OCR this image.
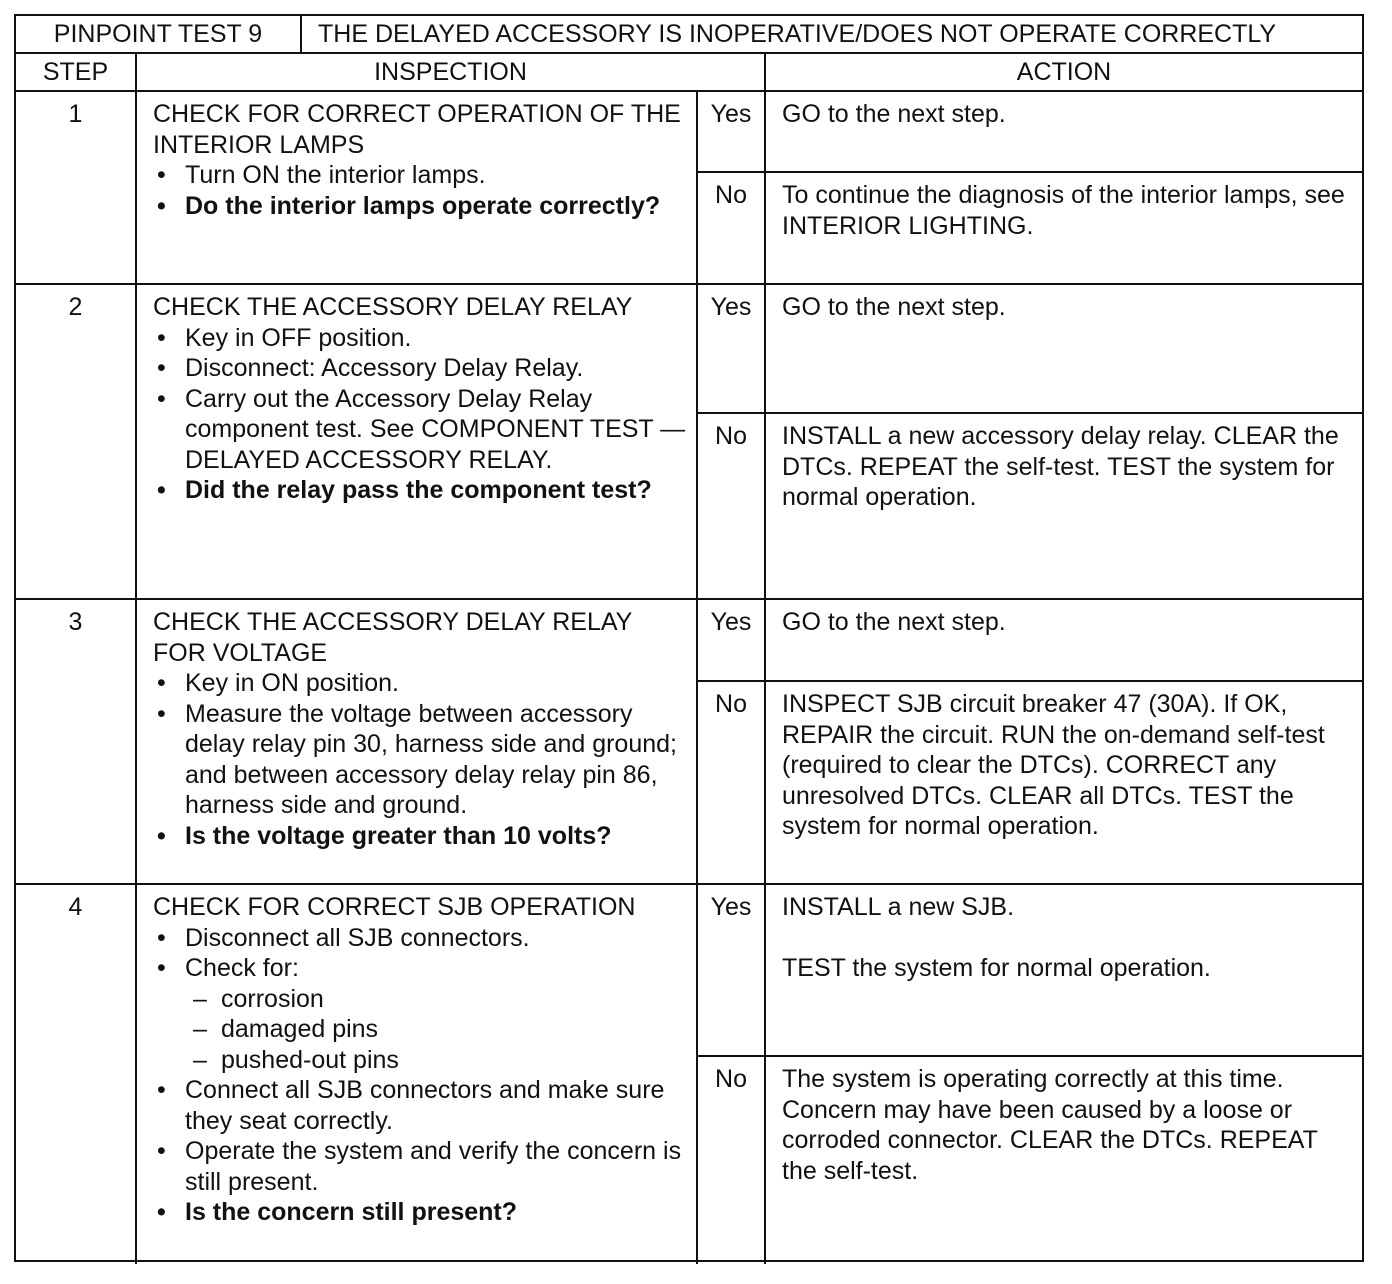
PINPOINT TEST 9	THE DELAYED ACCESSORY IS INOPERATIVE/DOES NOT OPERATE CORRECTLY
STEP	INSPECTION	ACTION
1	CHECK FOR CORRECT OPERATION OF THE INTERIOR LAMPS

• Turn ON the interior lamps.
• Do the interior lamps operate correctly?
Yes	GO to the next step.

No	To continue the diagnosis of the interior lamps, see INTERIOR LIGHTING.

2	CHECK THE ACCESSORY DELAY RELAY

• Key in OFF position.
• Disconnect: Accessory Delay Relay.
• Carry out the Accessory Delay Relay component test. See COMPONENT TEST — DELAYED ACCESSORY RELAY.
• Did the relay pass the component test?
Yes	GO to the next step.

No	INSTALL a new accessory delay relay. CLEAR the DTCs. REPEAT the self-test. TEST the system for normal operation.

3	CHECK THE ACCESSORY DELAY RELAY FOR VOLTAGE

• Key in ON position.
• Measure the voltage between accessory delay relay pin 30, harness side and ground; and between accessory delay relay pin 86, harness side and ground.
• Is the voltage greater than 10 volts?
Yes	GO to the next step.

No	INSPECT SJB circuit breaker 47 (30A). If OK, REPAIR the circuit. RUN the on-demand self-test (required to clear the DTCs). CORRECT any unresolved DTCs. CLEAR all DTCs. TEST the system for normal operation.

4	CHECK FOR CORRECT SJB OPERATION

• Disconnect all SJB connectors.
• Check for:
– corrosion
– damaged pins
– pushed-out pins
• Connect all SJB connectors and make sure they seat correctly.
• Operate the system and verify the concern is still present.
• Is the concern still present?
Yes	INSTALL a new SJB.

TEST the system for normal operation.

No	The system is operating correctly at this time. Concern may have been caused by a loose or corroded connector. CLEAR the DTCs. REPEAT the self-test.
